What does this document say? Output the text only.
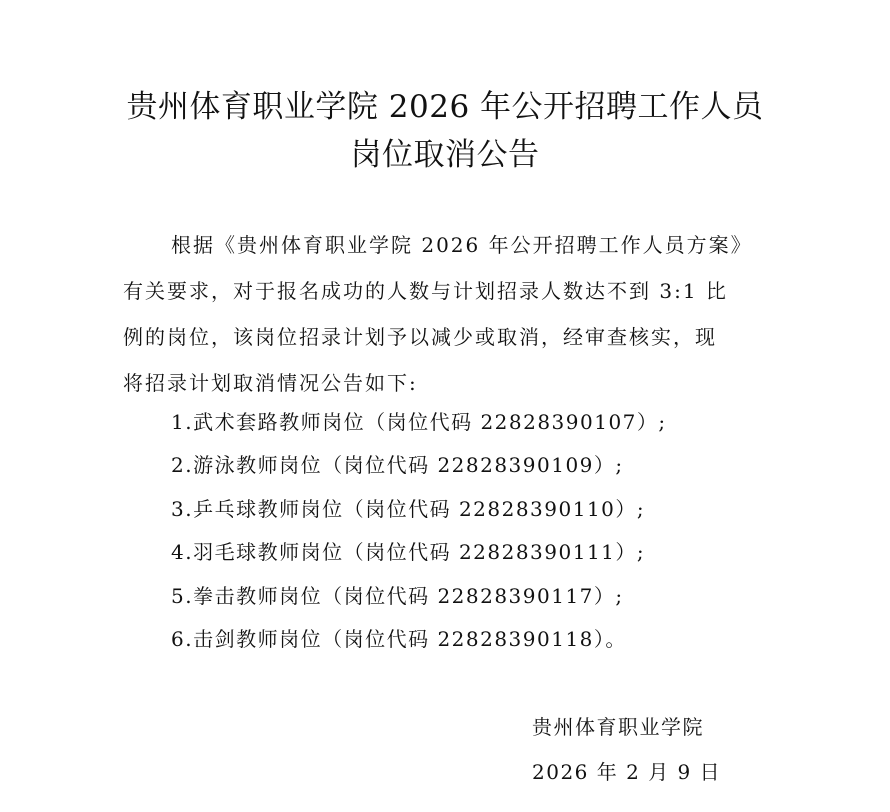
贵州体育职业学院 2026 年公开招聘工作人员
岗位取消公告

根据《贵州体育职业学院 2026 年公开招聘工作人员方案》

有关要求，对于报名成功的人数与计划招录人数达不到 3:1 比

例的岗位，该岗位招录计划予以减少或取消，经审查核实，现

将招录计划取消情况公告如下:

1.武术套路教师岗位（岗位代码 22828390107）;

2.游泳教师岗位（岗位代码 22828390109）;

3.乒乓球教师岗位（岗位代码 22828390110）;

4.羽毛球教师岗位（岗位代码 22828390111）;

5.拳击教师岗位（岗位代码 22828390117）;

6.击剑教师岗位（岗位代码 22828390118）。

贵州体育职业学院

2026 年 2 月 9 日
